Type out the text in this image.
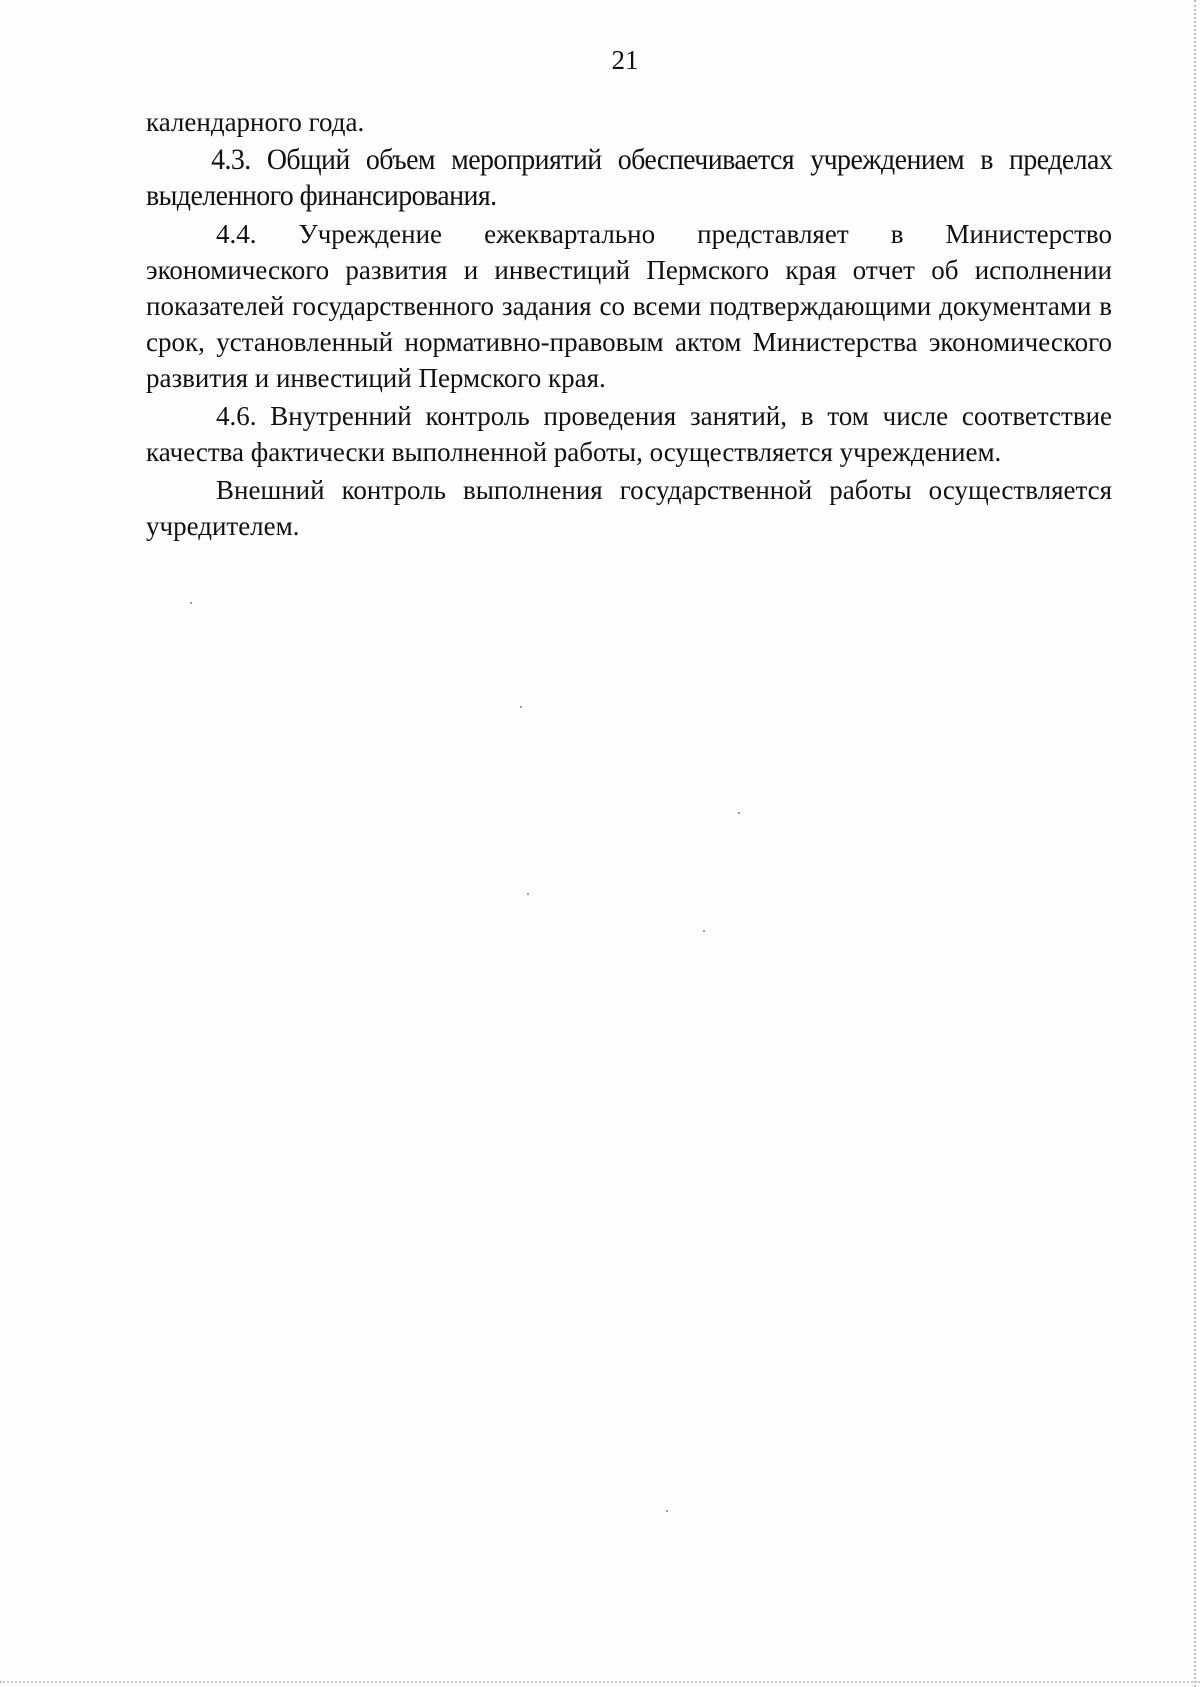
21

календарного года.

4.3. Общий объем мероприятий обеспечивается учреждением в пределах выделенного финансирования.

4.4. Учреждение ежеквартально представляет в Министерство экономического развития и инвестиций Пермского края отчет об исполнении показателей государственного задания со всеми подтверждающими документами в срок, установленный нормативно-правовым актом Министерства экономического развития и инвестиций Пермского края.

4.6. Внутренний контроль проведения занятий, в том числе соответствие качества фактически выполненной работы, осуществляется учреждением.

Внешний контроль выполнения государственной работы осуществляется учредителем.
